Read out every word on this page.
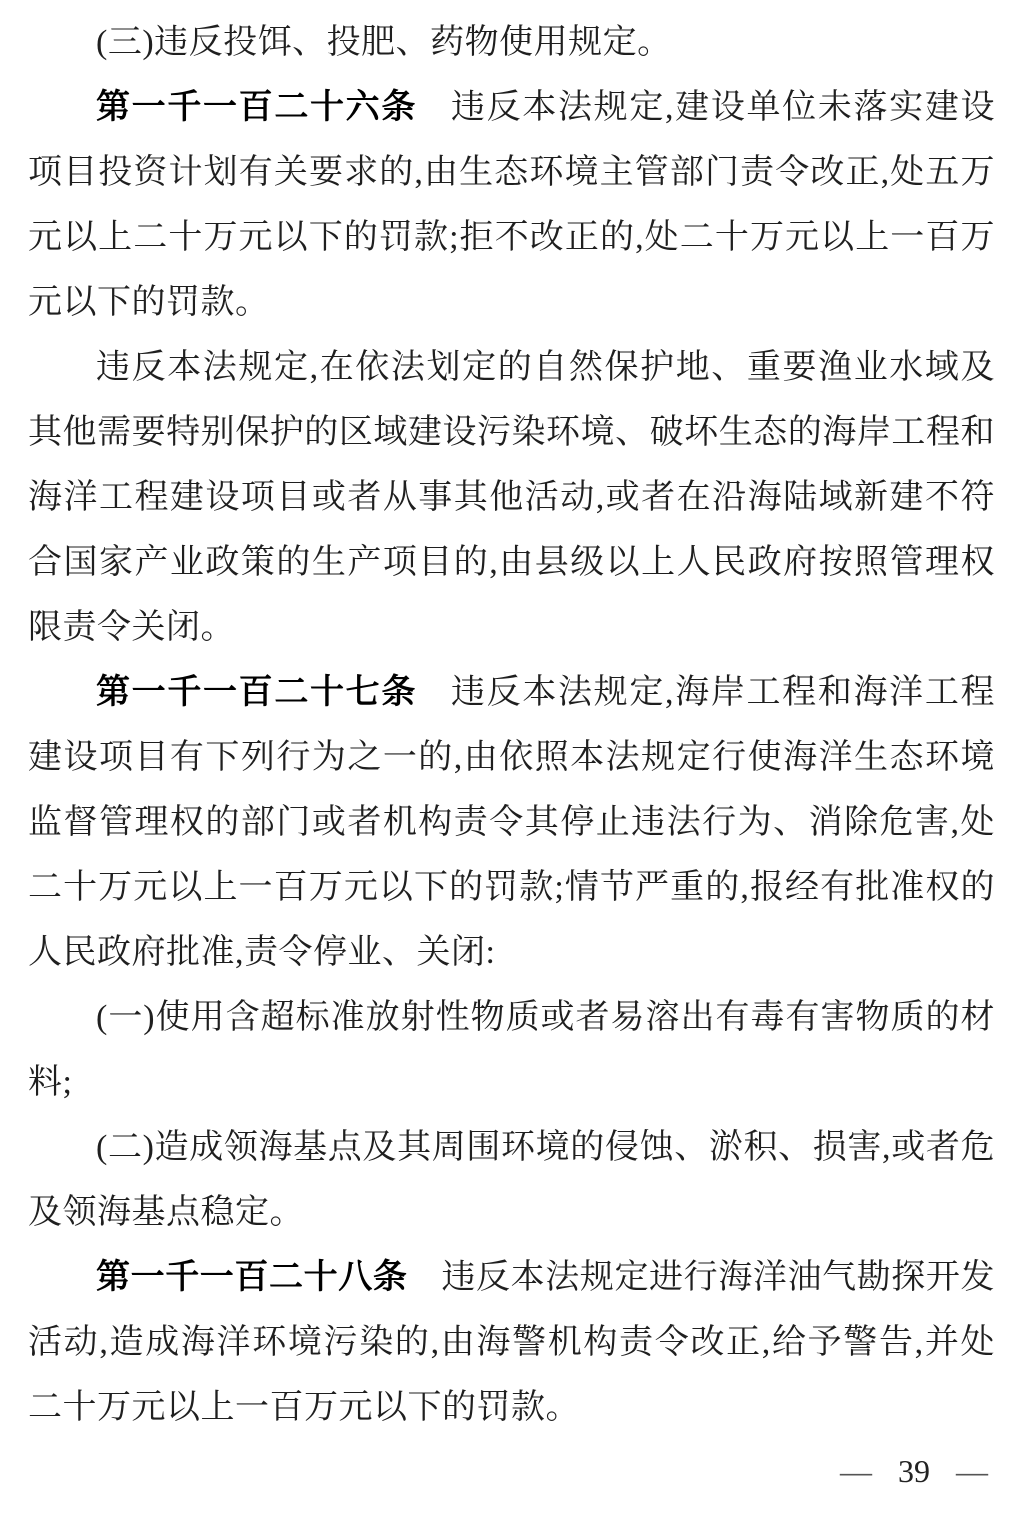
(三)违反投饵、投肥、药物使用规定。

第一千一百二十六条 违反本法规定,建设单位未落实建设项目投资计划有关要求的,由生态环境主管部门责令改正,处五万元以上二十万元以下的罚款;拒不改正的,处二十万元以上一百万元以下的罚款。

违反本法规定,在依法划定的自然保护地、重要渔业水域及其他需要特别保护的区域建设污染环境、破坏生态的海岸工程和海洋工程建设项目或者从事其他活动,或者在沿海陆域新建不符合国家产业政策的生产项目的,由县级以上人民政府按照管理权限责令关闭。

第一千一百二十七条 违反本法规定,海岸工程和海洋工程建设项目有下列行为之一的,由依照本法规定行使海洋生态环境监督管理权的部门或者机构责令其停止违法行为、消除危害,处二十万元以上一百万元以下的罚款;情节严重的,报经有批准权的人民政府批准,责令停业、关闭:

(一)使用含超标准放射性物质或者易溶出有毒有害物质的材料;

(二)造成领海基点及其周围环境的侵蚀、淤积、损害,或者危及领海基点稳定。

第一千一百二十八条 违反本法规定进行海洋油气勘探开发活动,造成海洋环境污染的,由海警机构责令改正,给予警告,并处二十万元以上一百万元以下的罚款。

— 39 —
